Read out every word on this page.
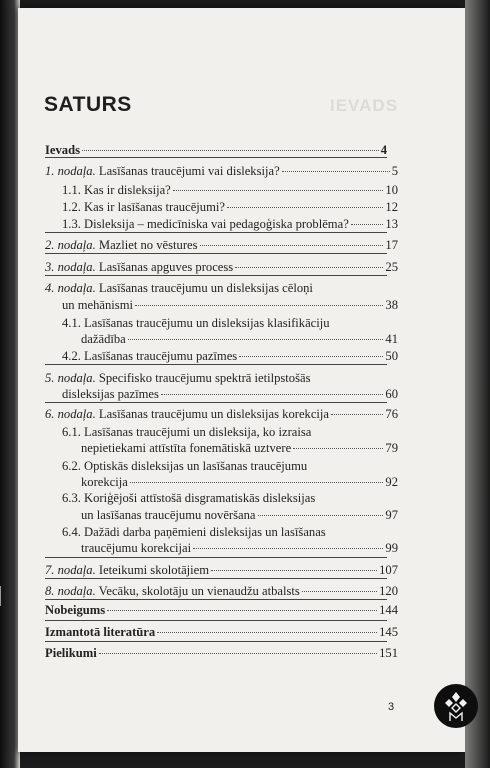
IEVADS
SATURS
Ievads	4
1. nodaļa. Lasīšanas traucējumi vai disleksija?	5
1.1. Kas ir disleksija?	10
1.2. Kas ir lasīšanas traucējumi?	12
1.3. Disleksija – medicīniska vai pedagoģiska problēma?	13
2. nodaļa. Mazliet no vēstures	17
3. nodaļa. Lasīšanas apguves process	25
4. nodaļa. Lasīšanas traucējumu un disleksijas cēloņi
un mehānismi	38
4.1. Lasīšanas traucējumu un disleksijas klasifikāciju
dažādība	41
4.2. Lasīšanas traucējumu pazīmes	50
5. nodaļa. Specifisko traucējumu spektrā ietilpstošās
disleksijas pazīmes	60
6. nodaļa. Lasīšanas traucējumu un disleksijas korekcija	76
6.1. Lasīšanas traucējumi un disleksija, ko izraisa
nepietiekami attīstīta fonemātiskā uztvere	79
6.2. Optiskās disleksijas un lasīšanas traucējumu
korekcija	92
6.3. Koriģējoši attīstošā disgramatiskās disleksijas
un lasīšanas traucējumu novēršana	97
6.4. Dažādi darba paņēmieni disleksijas un lasīšanas
traucējumu korekcijai	99
7. nodaļa. Ieteikumi skolotājiem	107
8. nodaļa. Vecāku, skolotāju un vienaudžu atbalsts	120
Nobeigums	144
Izmantotā literatūra	145
Pielikumi	151
3
